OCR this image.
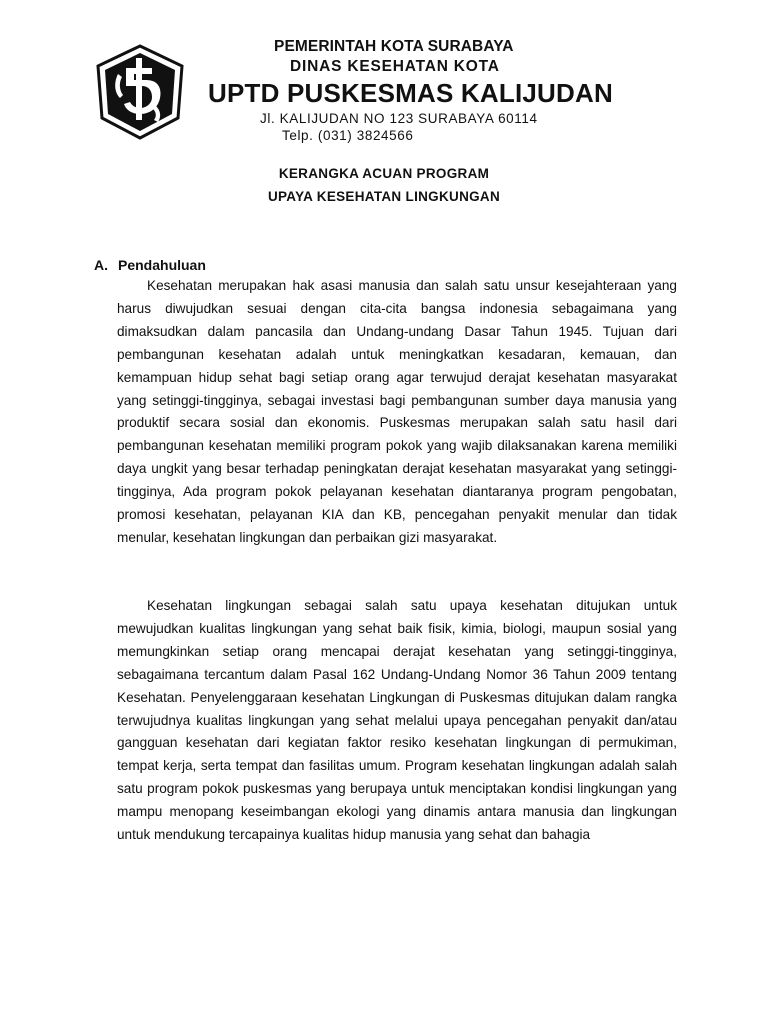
PEMERINTAH KOTA SURABAYA
DINAS KESEHATAN KOTA
UPTD PUSKESMAS KALIJUDAN
Jl. KALIJUDAN NO 123 SURABAYA 60114
Telp. (031) 3824566
KERANGKA ACUAN PROGRAM
UPAYA KESEHATAN LINGKUNGAN
A. Pendahuluan

Kesehatan merupakan hak asasi manusia dan salah satu unsur kesejahteraan yang harus diwujudkan sesuai dengan cita-cita bangsa indonesia sebagaimana yang dimaksudkan dalam pancasila dan Undang-undang Dasar Tahun 1945. Tujuan dari pembangunan kesehatan adalah untuk meningkatkan kesadaran, kemauan, dan kemampuan hidup sehat bagi setiap orang agar terwujud derajat kesehatan masyarakat yang setinggi-tingginya, sebagai investasi bagi pembangunan sumber daya manusia yang produktif secara sosial dan ekonomis. Puskesmas merupakan salah satu hasil dari pembangunan kesehatan memiliki program pokok yang wajib dilaksanakan karena memiliki daya ungkit yang besar terhadap peningkatan derajat kesehatan masyarakat yang setinggi-tingginya, Ada program pokok pelayanan kesehatan diantaranya program pengobatan, promosi kesehatan, pelayanan KIA dan KB, pencegahan penyakit menular dan tidak menular, kesehatan lingkungan dan perbaikan gizi masyarakat.

Kesehatan lingkungan sebagai salah satu upaya kesehatan ditujukan untuk mewujudkan kualitas lingkungan yang sehat baik fisik, kimia, biologi, maupun sosial yang memungkinkan setiap orang mencapai derajat kesehatan yang setinggi-tingginya, sebagaimana tercantum dalam Pasal 162 Undang-Undang Nomor 36 Tahun 2009 tentang Kesehatan. Penyelenggaraan kesehatan Lingkungan di Puskesmas ditujukan dalam rangka terwujudnya kualitas lingkungan yang sehat melalui upaya pencegahan penyakit dan/atau gangguan kesehatan dari kegiatan faktor resiko kesehatan lingkungan di permukiman, tempat kerja, serta tempat dan fasilitas umum. Program kesehatan lingkungan adalah salah satu program pokok puskesmas yang berupaya untuk menciptakan kondisi lingkungan yang mampu menopang keseimbangan ekologi yang dinamis antara manusia dan lingkungan untuk mendukung tercapainya kualitas hidup manusia yang sehat dan bahagia
